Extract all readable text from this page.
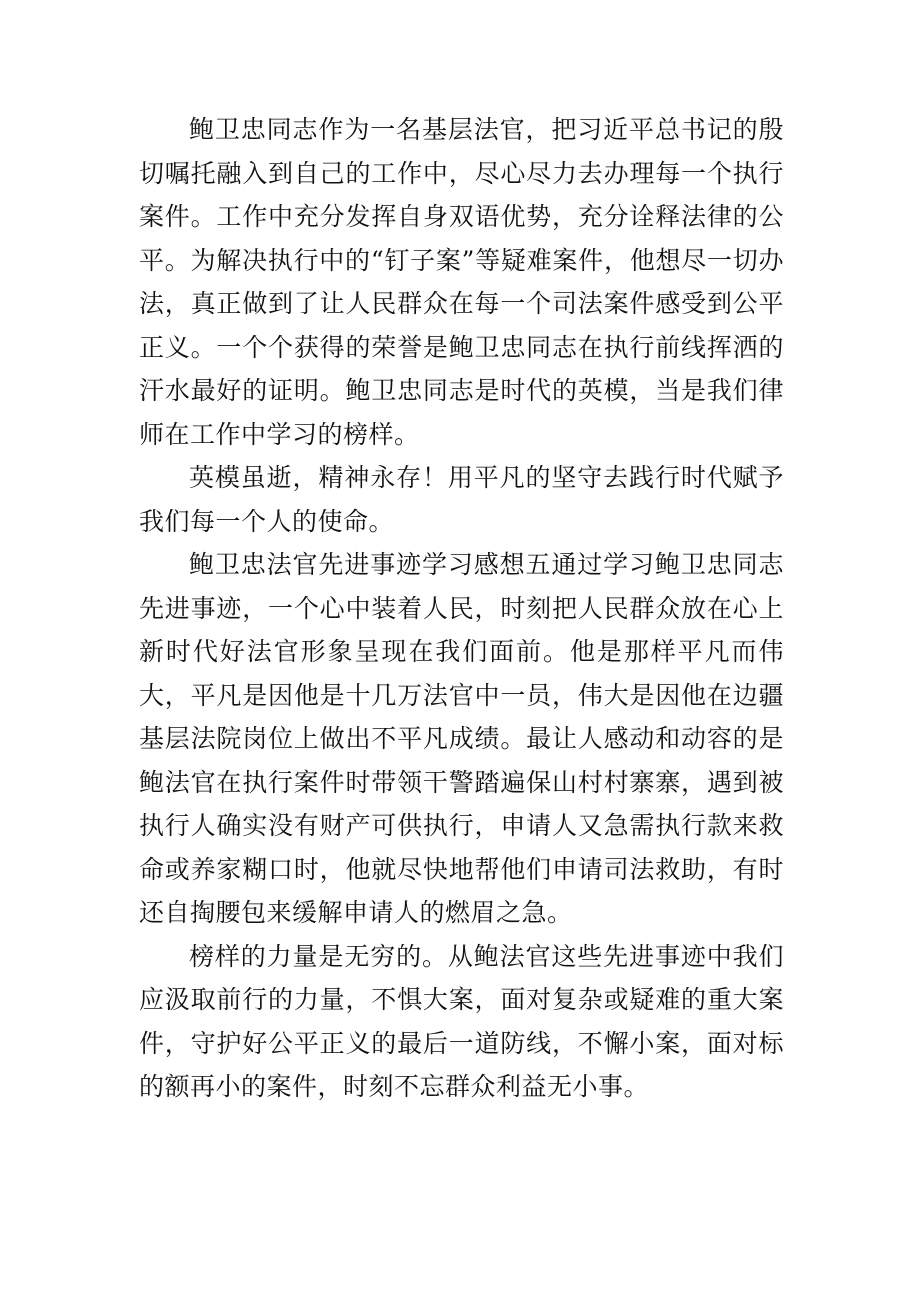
鲍卫忠同志作为一名基层法官，把习近平总书记的殷切嘱托融入到自己的工作中，尽心尽力去办理每一个执行案件。工作中充分发挥自身双语优势，充分诠释法律的公平。为解决执行中的“钉子案”等疑难案件，他想尽一切办法，真正做到了让人民群众在每一个司法案件感受到公平正义。一个个获得的荣誉是鲍卫忠同志在执行前线挥洒的汗水最好的证明。鲍卫忠同志是时代的英模，当是我们律师在工作中学习的榜样。

英模虽逝，精神永存！用平凡的坚守去践行时代赋予我们每一个人的使命。

鲍卫忠法官先进事迹学习感想五通过学习鲍卫忠同志先进事迹，一个心中装着人民，时刻把人民群众放在心上新时代好法官形象呈现在我们面前。他是那样平凡而伟大，平凡是因他是十几万法官中一员，伟大是因他在边疆基层法院岗位上做出不平凡成绩。最让人感动和动容的是鲍法官在执行案件时带领干警踏遍保山村村寨寨，遇到被执行人确实没有财产可供执行，申请人又急需执行款来救命或养家糊口时，他就尽快地帮他们申请司法救助，有时还自掏腰包来缓解申请人的燃眉之急。

榜样的力量是无穷的。从鲍法官这些先进事迹中我们应汲取前行的力量，不惧大案，面对复杂或疑难的重大案件，守护好公平正义的最后一道防线，不懈小案，面对标的额再小的案件，时刻不忘群众利益无小事。
